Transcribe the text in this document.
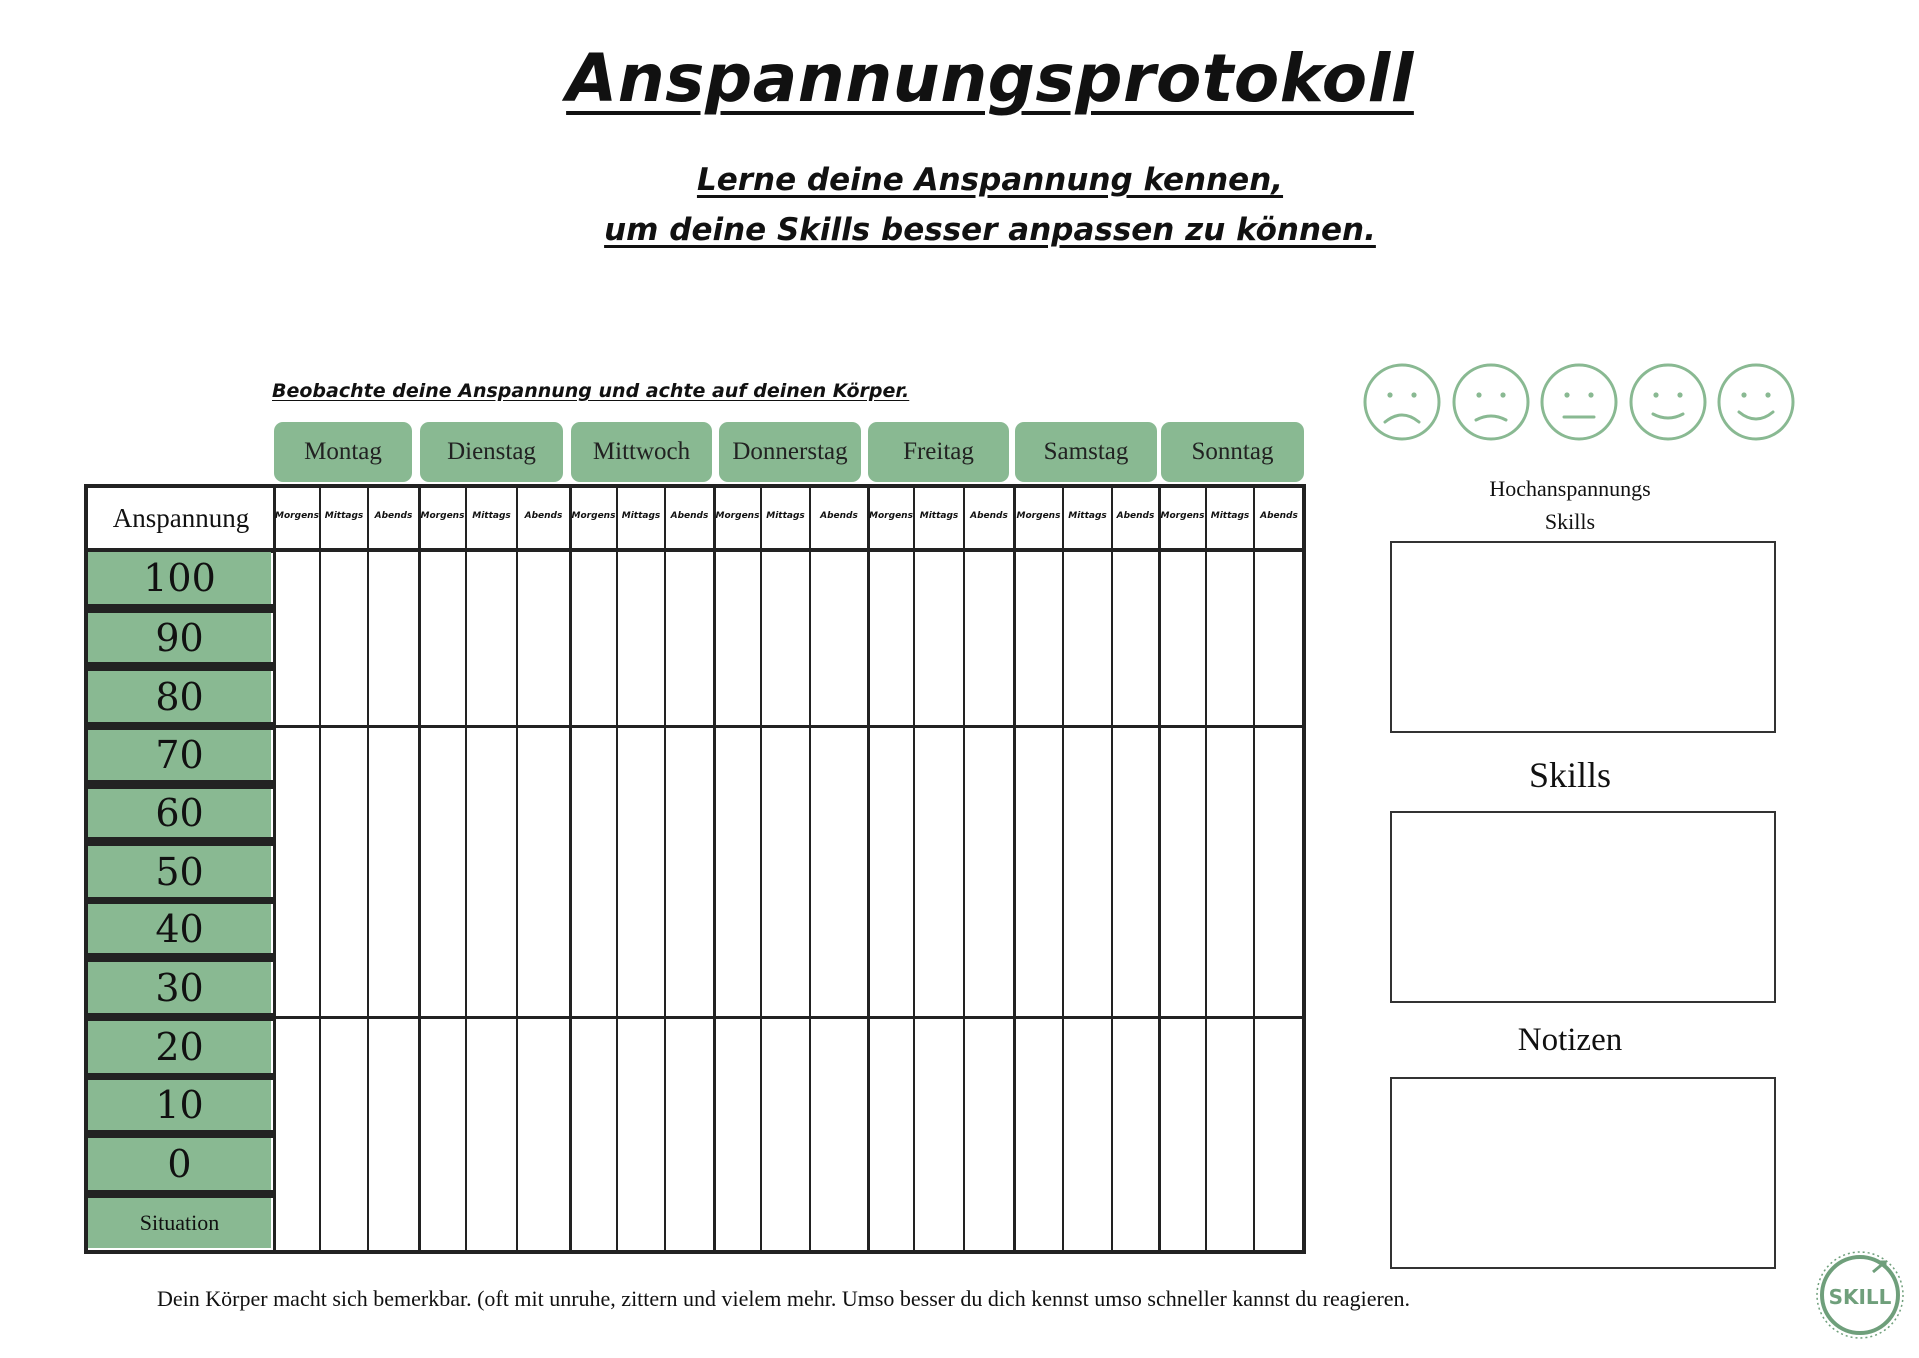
Anspannungsprotokoll
Lerne deine Anspannung kennen,
um deine Skills besser anpassen zu können.
Beobachte deine Anspannung und achte auf deinen Körper.
Montag	Dienstag	Mittwoch	Donnerstag	Freitag	Samstag	Sonntag
Anspannung	Morgens Mittags	Abends Morgens Mittags	Abends	Morgens Mittags	Abends Morgens Mittags	Abends	Morgens Mittags	Abends Morgens Mittags	Abends Morgens Mittags	Abends
100
90
80
70
60
50
40
30
20
10
0
Situation
Hochanspannungs
Skills
Skills
Notizen
Dein Körper macht sich bemerkbar. (oft mit unruhe, zittern und vielem mehr. Umso besser du dich kennst umso schneller kannst du reagieren.	SKILL
